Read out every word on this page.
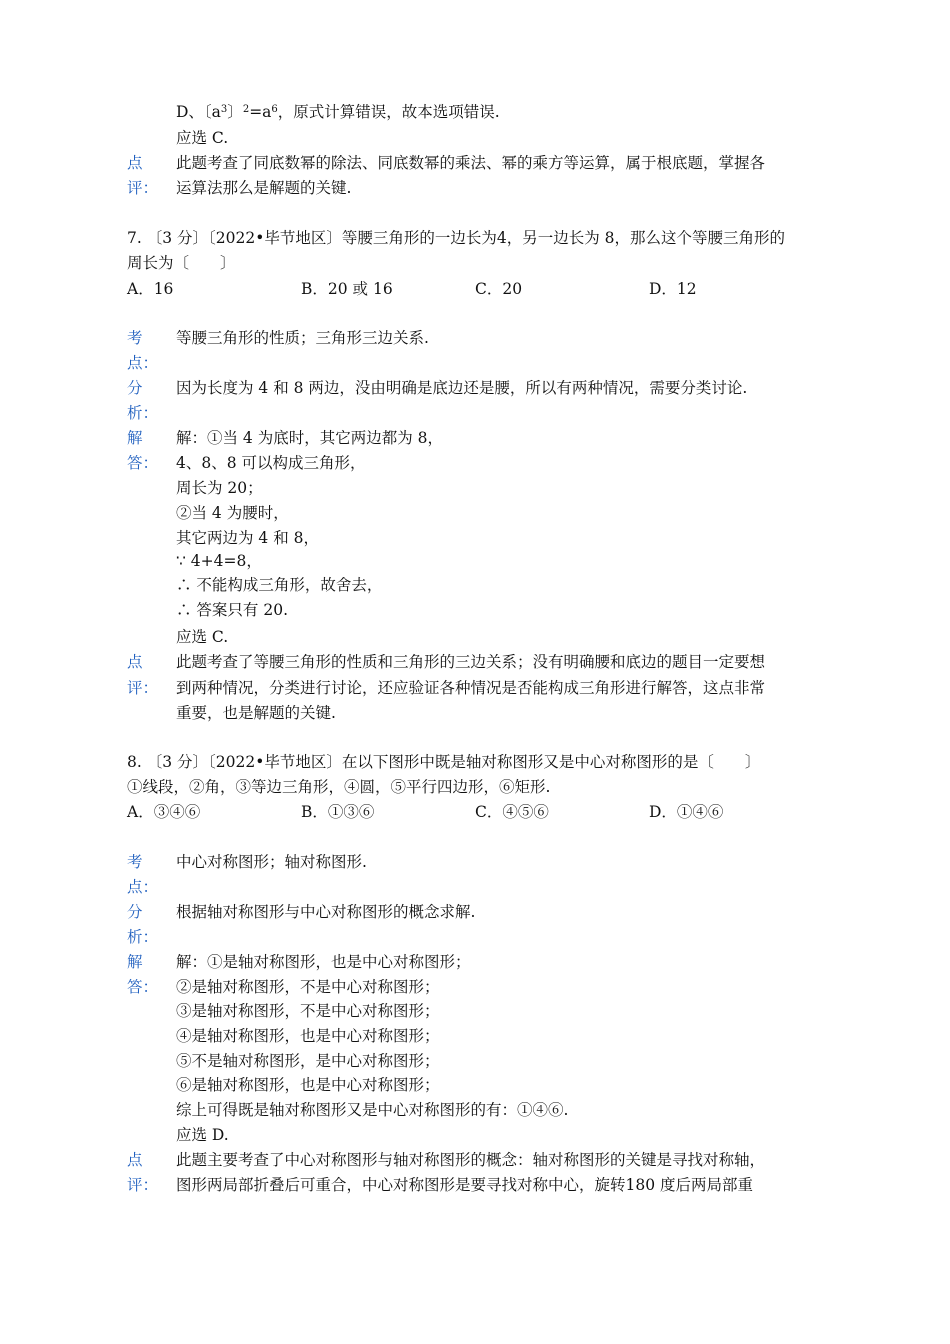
D、〔$a^3$〕$^2=a^6$，原式计算错误，故本选项错误.
应选 C.
点
评：
此题考查了同底数幂的除法、同底数幂的乘法、幂的乘方等运算，属于根底题，掌握各
运算法那么是解题的关键.
7. 〔3 分〕〔2022•毕节地区〕等腰三角形的一边长为4，另一边长为 8，那么这个等腰三角形的
周长为〔　　〕
A．16	B．20 或 16	C．20	D．12
考
点：
等腰三角形的性质；三角形三边关系.
分
析：
因为长度为 4 和 8 两边，没由明确是底边还是腰，所以有两种情况，需要分类讨论.
解
答：
解：①当 4 为底时，其它两边都为 8，
4、8、8 可以构成三角形，
周长为 20；
②当 4 为腰时，
其它两边为 4 和 8，
∵ 4+4=8，
∴ 不能构成三角形，故舍去，
∴ 答案只有 20.
应选 C.
点
评：
此题考查了等腰三角形的性质和三角形的三边关系；没有明确腰和底边的题目一定要想
到两种情况，分类进行讨论，还应验证各种情况是否能构成三角形进行解答，这点非常
重要，也是解题的关键.
8. 〔3 分〕〔2022•毕节地区〕在以下图形中既是轴对称图形又是中心对称图形的是〔　　〕
①线段，②角，③等边三角形，④圆，⑤平行四边形，⑥矩形.
A．③④⑥	B．①③⑥	C．④⑤⑥	D．①④⑥
考
点：
中心对称图形；轴对称图形.
分
析：
根据轴对称图形与中心对称图形的概念求解.
解
答：
解：①是轴对称图形，也是中心对称图形；
②是轴对称图形，不是中心对称图形；
③是轴对称图形，不是中心对称图形；
④是轴对称图形，也是中心对称图形；
⑤不是轴对称图形，是中心对称图形；
⑥是轴对称图形，也是中心对称图形；
综上可得既是轴对称图形又是中心对称图形的有：①④⑥.
应选 D.
点
评：
此题主要考查了中心对称图形与轴对称图形的概念：轴对称图形的关键是寻找对称轴，
图形两局部折叠后可重合，中心对称图形是要寻找对称中心，旋转180 度后两局部重
